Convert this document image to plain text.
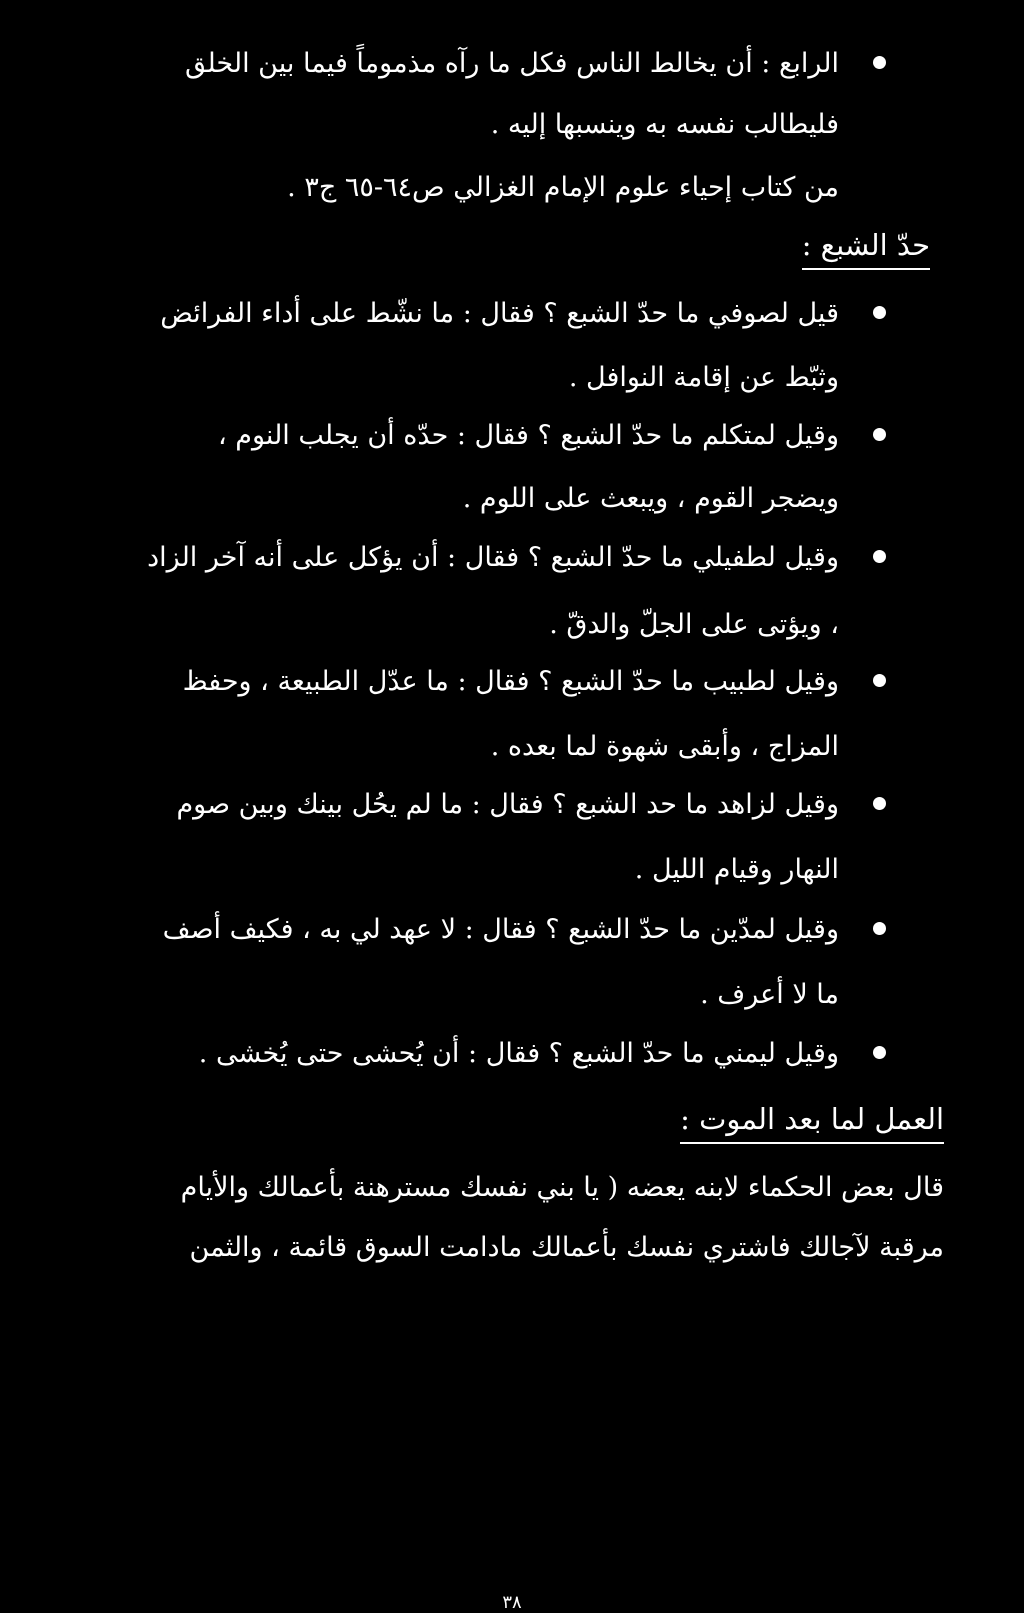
الرابع : أن يخالط الناس فكل ما رآه مذموماً فيما بين الخلق
فليطالب نفسه به وينسبها إليه .
من كتاب إحياء علوم الإمام الغزالي ص٦٤-٦٥ ج٣ .
حدّ الشبع :
قيل لصوفي ما حدّ الشبع ؟ فقال : ما نشّط على أداء الفرائض
وثبّط عن إقامة النوافل .
وقيل لمتكلم ما حدّ الشبع ؟ فقال : حدّه أن يجلب النوم ،
ويضجر القوم ، ويبعث على اللوم .
وقيل لطفيلي ما حدّ الشبع ؟ فقال : أن يؤكل على أنه آخر الزاد
، ويؤتى على الجلّ والدقّ .
وقيل لطبيب ما حدّ الشبع ؟ فقال : ما عدّل الطبيعة ، وحفظ
المزاج ، وأبقى شهوة لما بعده .
وقيل لزاهد ما حد الشبع ؟ فقال : ما لم يحُل بينك وبين صوم
النهار وقيام الليل .
وقيل لمدّين ما حدّ الشبع ؟ فقال : لا عهد لي به ، فكيف أصف
ما لا أعرف .
وقيل ليمني ما حدّ الشبع ؟ فقال : أن يُحشى حتى يُخشى .
العمل لما بعد الموت :
قال بعض الحكماء لابنه يعضه ( يا بني نفسك مسترهنة بأعمالك والأيام
مرقبة لآجالك فاشتري نفسك بأعمالك مادامت السوق قائمة ، والثمن
٣٨
